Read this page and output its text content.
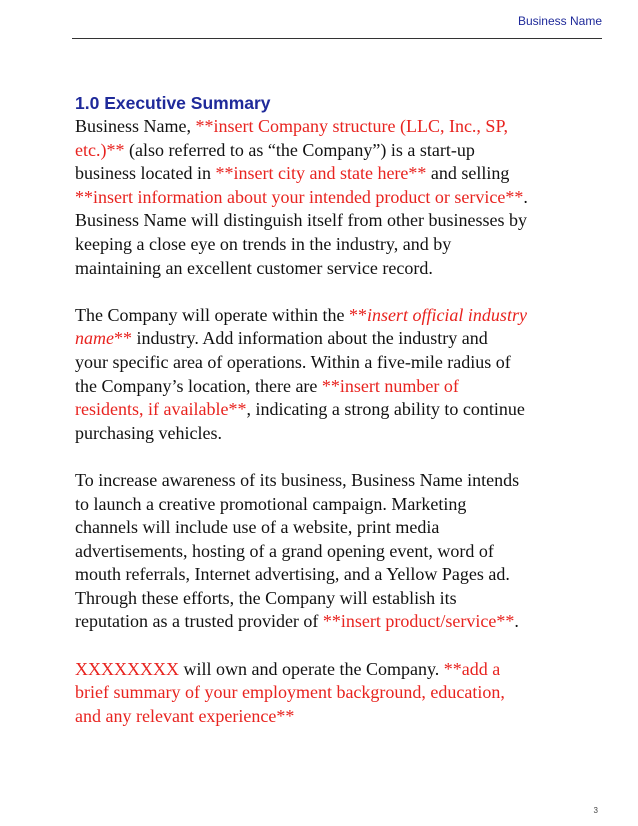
Business Name
1.0 Executive Summary

Business Name, **insert Company structure (LLC, Inc., SP,
etc.)** (also referred to as “the Company”) is a start-up
business located in **insert city and state here** and selling
**insert information about your intended product or service**.
Business Name will distinguish itself from other businesses by
keeping a close eye on trends in the industry, and by
maintaining an excellent customer service record.

The Company will operate within the **insert official industry
name** industry. Add information about the industry and
your specific area of operations. Within a five-mile radius of
the Company’s location, there are **insert number of
residents, if available**, indicating a strong ability to continue
purchasing vehicles.

To increase awareness of its business, Business Name intends
to launch a creative promotional campaign. Marketing
channels will include use of a website, print media
advertisements, hosting of a grand opening event, word of
mouth referrals, Internet advertising, and a Yellow Pages ad.
Through these efforts, the Company will establish its
reputation as a trusted provider of **insert product/service**.

XXXXXXXX will own and operate the Company. **add a
brief summary of your employment background, education,
and any relevant experience**

3
